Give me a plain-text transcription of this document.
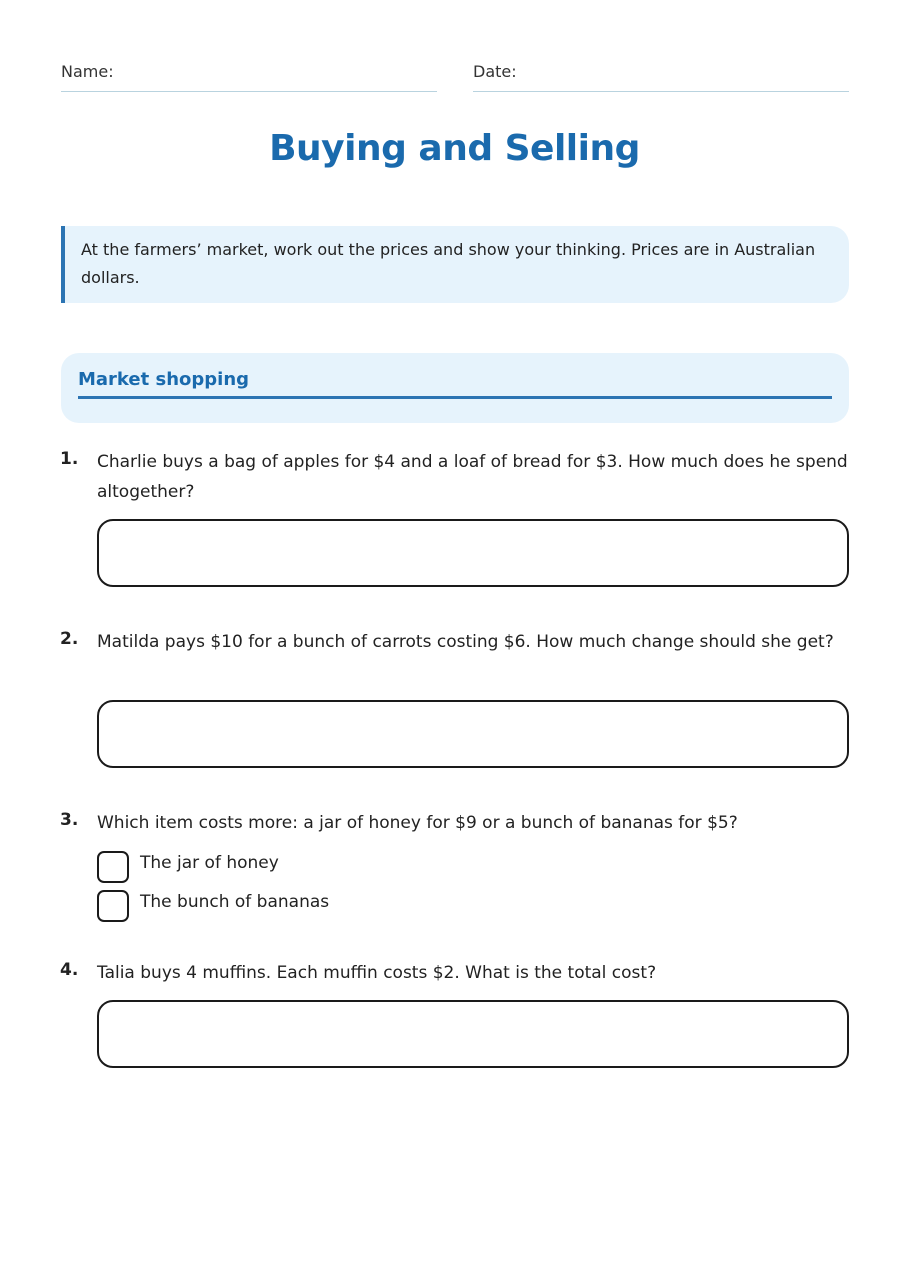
Name:	Date:
Buying and Selling
At the farmers’ market, work out the prices and show your thinking. Prices are in Australian dollars.
Market shopping
1. Charlie buys a bag of apples for $4 and a loaf of bread for $3. How much does he spend altogether?
2. Matilda pays $10 for a bunch of carrots costing $6. How much change should she get?
3. Which item costs more: a jar of honey for $9 or a bunch of bananas for $5?
The jar of honey
The bunch of bananas
4. Talia buys 4 muffins. Each muffin costs $2. What is the total cost?
